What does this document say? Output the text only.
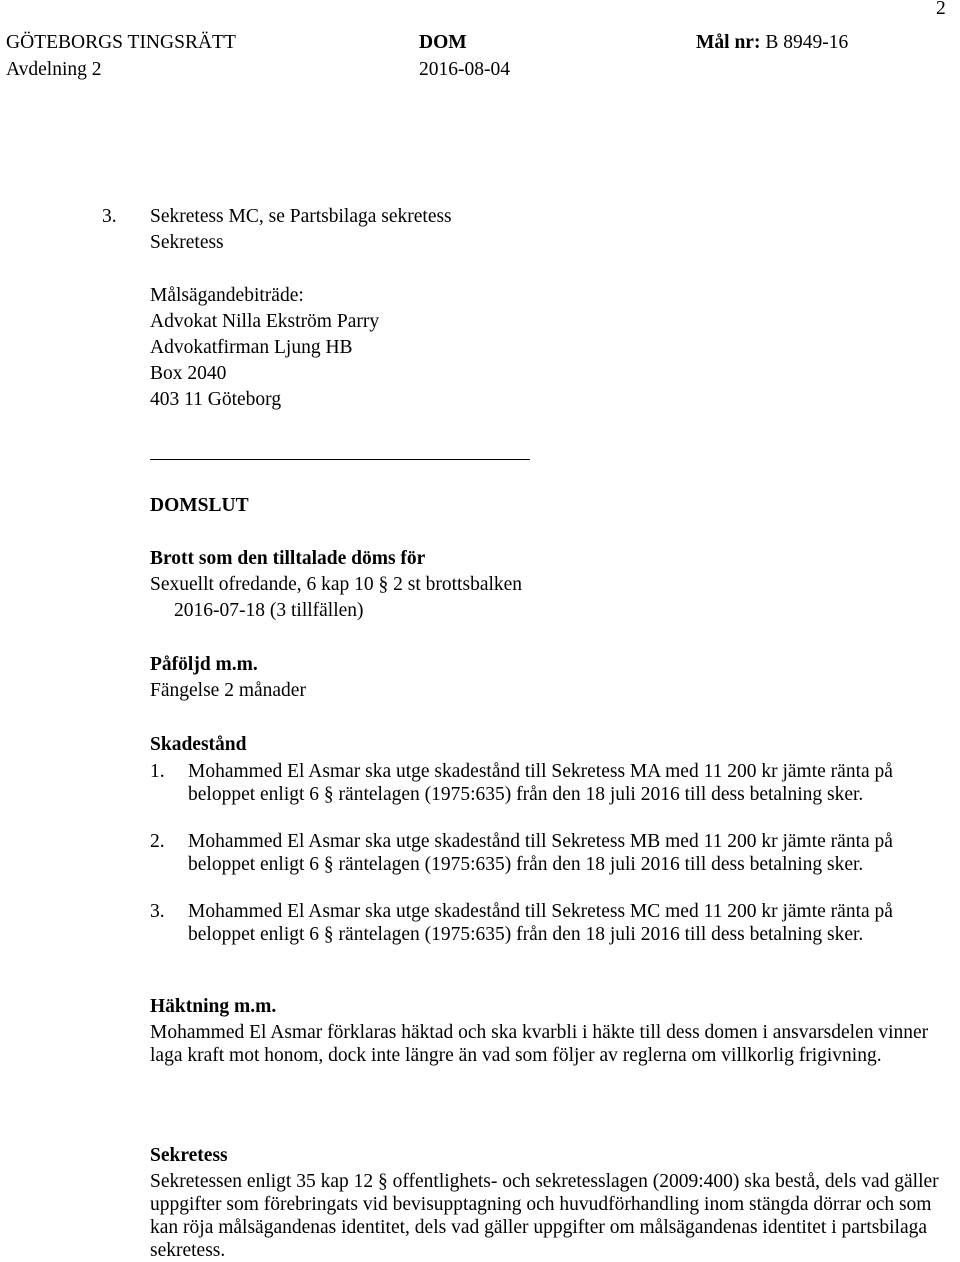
2
GÖTEBORGS TINGSRÄTT	DOM	Mål nr: B 8949-16
Avdelning 2	2016-08-04
3. Sekretess MC, se Partsbilaga sekretess
Sekretess
Målsägandebiträde:
Advokat Nilla Ekström Parry
Advokatfirman Ljung HB
Box 2040
403 11 Göteborg
DOMSLUT
Brott som den tilltalade döms för
Sexuellt ofredande, 6 kap 10 § 2 st brottsbalken
2016-07-18 (3 tillfällen)
Påföljd m.m.
Fängelse 2 månader
Skadestånd
1. Mohammed El Asmar ska utge skadestånd till Sekretess MA med 11 200 kr jämte ränta på beloppet enligt 6 § räntelagen (1975:635) från den 18 juli 2016 till dess betalning sker.
2. Mohammed El Asmar ska utge skadestånd till Sekretess MB med 11 200 kr jämte ränta på beloppet enligt 6 § räntelagen (1975:635) från den 18 juli 2016 till dess betalning sker.
3. Mohammed El Asmar ska utge skadestånd till Sekretess MC med 11 200 kr jämte ränta på beloppet enligt 6 § räntelagen (1975:635) från den 18 juli 2016 till dess betalning sker.
Häktning m.m.
Mohammed El Asmar förklaras häktad och ska kvarbli i häkte till dess domen i ansvarsdelen vinner laga kraft mot honom, dock inte längre än vad som följer av reglerna om villkorlig frigivning.
Sekretess
Sekretessen enligt 35 kap 12 § offentlighets- och sekretesslagen (2009:400) ska bestå, dels vad gäller uppgifter som förebringats vid bevisupptagning och huvudförhandling inom stängda dörrar och som kan röja målsägandenas identitet, dels vad gäller uppgifter om målsägandenas identitet i partsbilaga sekretess.
